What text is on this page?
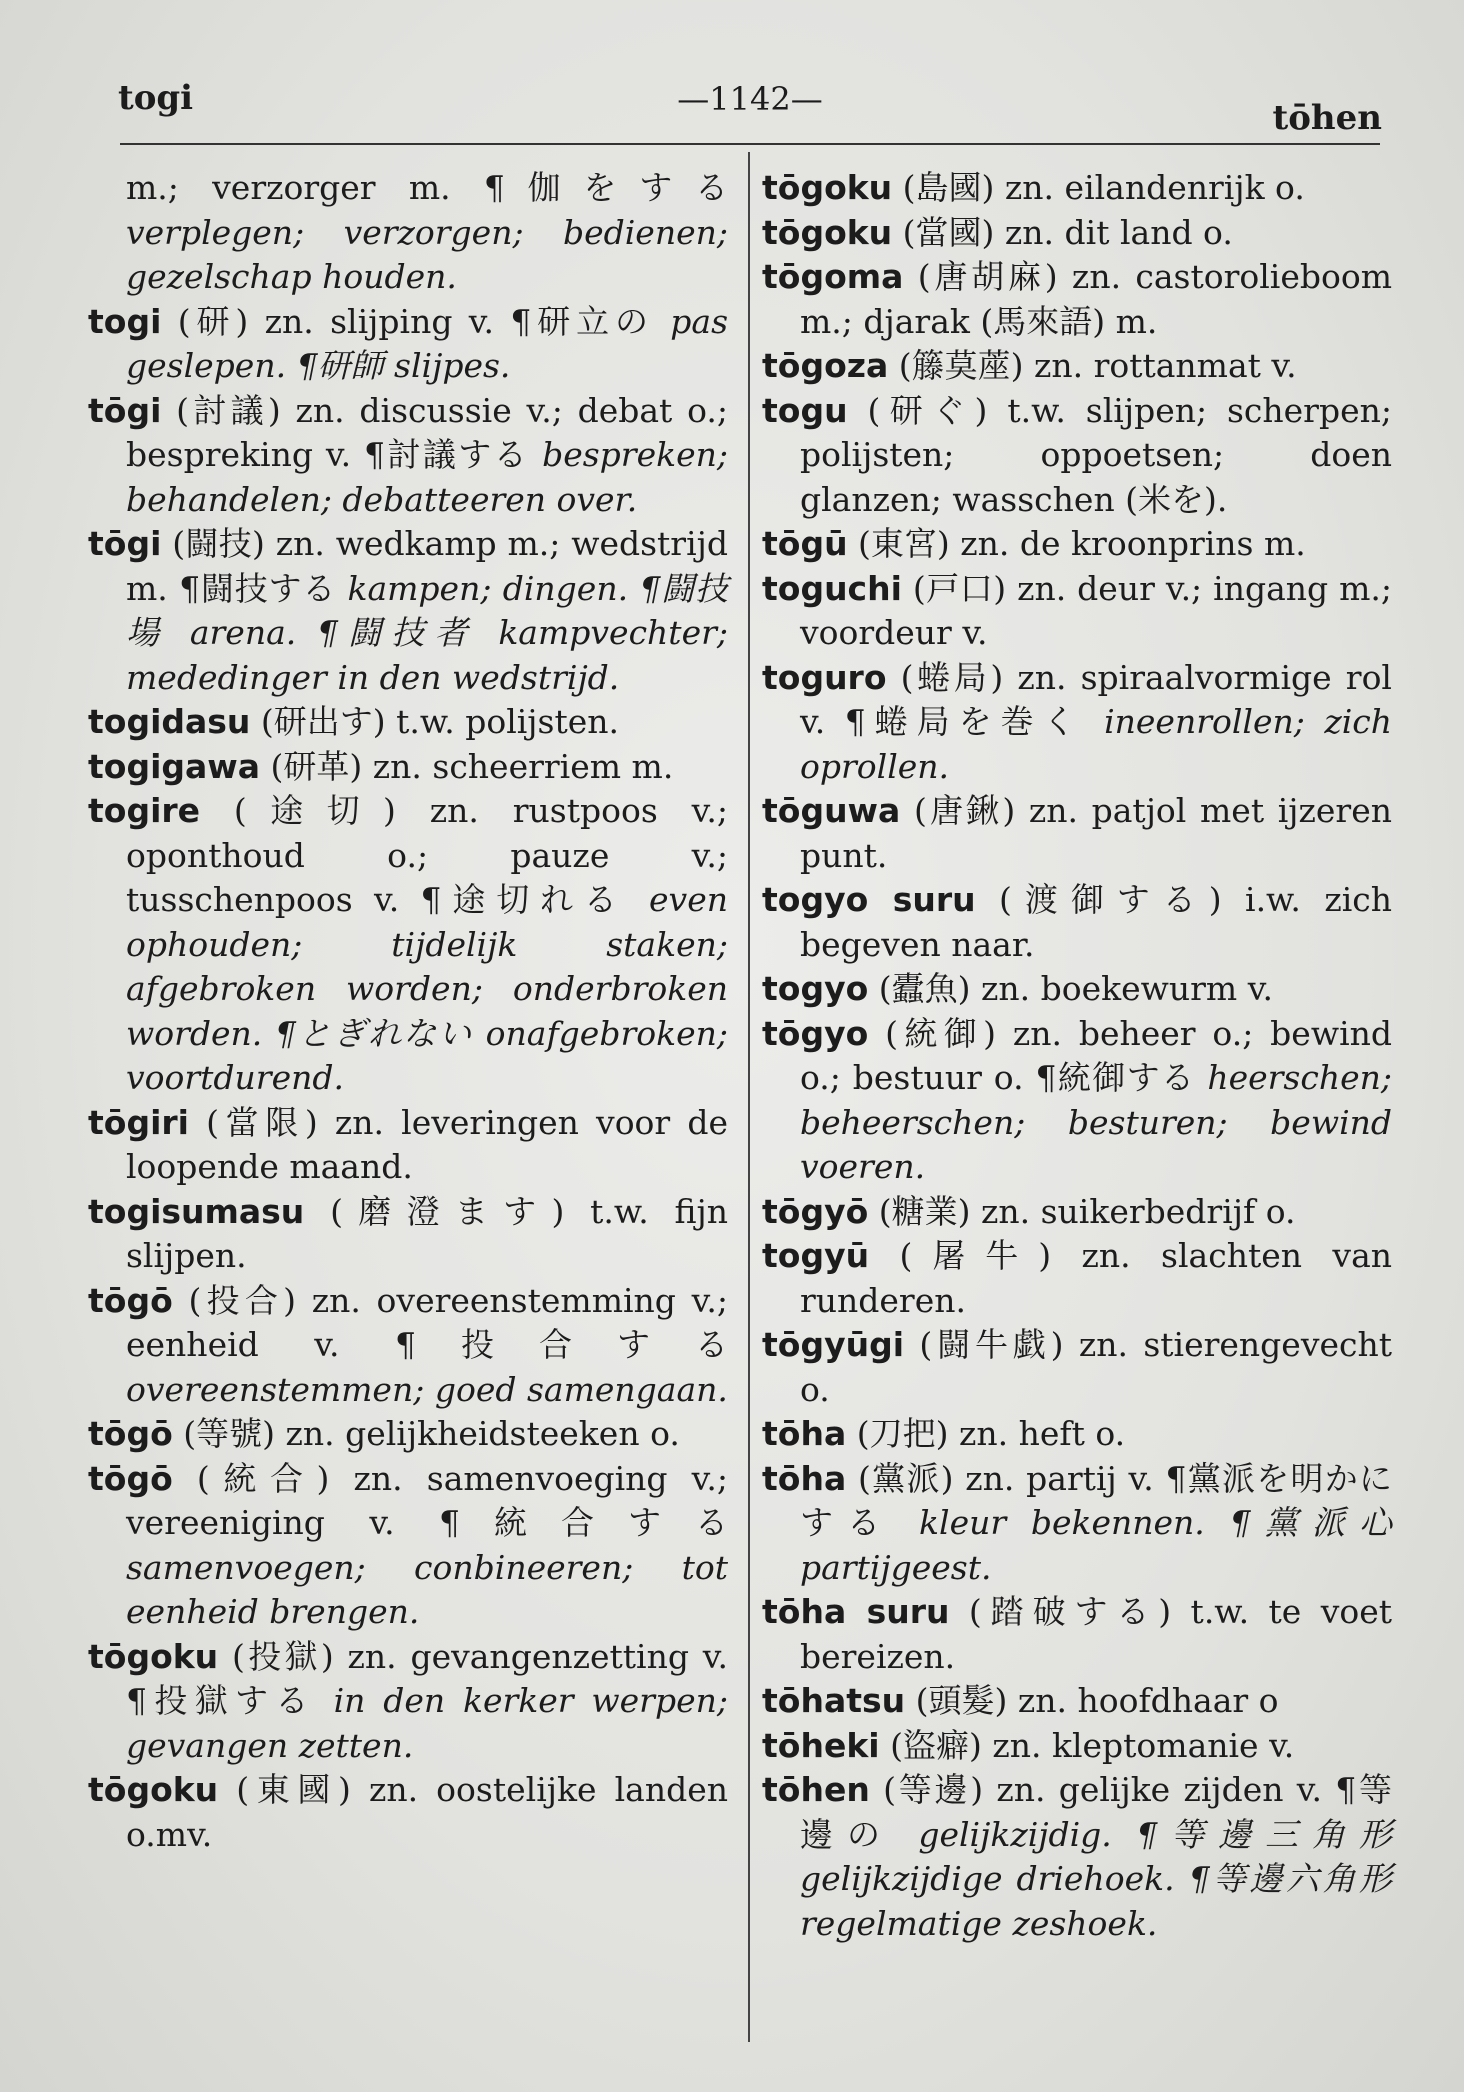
togi	—1142—	tōhen

m.; verzorger m. ¶伽をする verplegen; verzorgen; bedienen; gezelschap houden.

togi (研) zn. slijping v. ¶研立の pas geslepen. ¶研師 slijpes.

tōgi (討議) zn. discussie v.; debat o.; bespreking v. ¶討議する bespreken; behandelen; debatteeren over.

tōgi (闘技) zn. wedkamp m.; wedstrijd m. ¶闘技する kampen; dingen. ¶闘技場 arena. ¶闘技者 kampvechter; mededinger in den wedstrijd.

togidasu (研出す) t.w. polijsten.

togigawa (研革) zn. scheerriem m.

togire (途切) zn. rustpoos v.; oponthoud o.; pauze v.; tusschenpoos v. ¶途切れる even ophouden; tijdelijk staken; afgebroken worden; onderbroken worden. ¶とぎれない onafgebroken; voortdurend.

tōgiri (當限) zn. leveringen voor de loopende maand.

togisumasu (磨澄ます) t.w. fijn slijpen.

tōgō (投合) zn. overeenstemming v.; eenheid v. ¶投合する overeenstemmen; goed samengaan.

tōgō (等號) zn. gelijkheidsteeken o.

tōgō (統合) zn. samenvoeging v.; vereeniging v. ¶統合する samenvoegen; conbineeren; tot eenheid brengen.

tōgoku (投獄) zn. gevangenzetting v. ¶投獄する in den kerker werpen; gevangen zetten.

tōgoku (東國) zn. oostelijke landen o.mv.

tōgoku (島國) zn. eilandenrijk o.

tōgoku (當國) zn. dit land o.

tōgoma (唐胡麻) zn. castorolieboom m.; djarak (馬來語) m.

tōgoza (籐莫蓙) zn. rottanmat v.

togu (研ぐ) t.w. slijpen; scherpen; polijsten; oppoetsen; doen glanzen; wasschen (米を).

tōgū (東宮) zn. de kroonprins m.

toguchi (戸口) zn. deur v.; ingang m.; voordeur v.

toguro (蜷局) zn. spiraalvormige rol v. ¶蜷局を巻く ineenrollen; zich oprollen.

tōguwa (唐鍬) zn. patjol met ijzeren punt.

togyo suru (渡御する) i.w. zich begeven naar.

togyo (蠹魚) zn. boekewurm v.

tōgyo (統御) zn. beheer o.; bewind o.; bestuur o. ¶統御する heerschen; beheerschen; besturen; bewind voeren.

tōgyō (糖業) zn. suikerbedrijf o.

togyū (屠牛) zn. slachten van runderen.

tōgyūgi (闘牛戯) zn. stierengevecht o.

tōha (刀把) zn. heft o.

tōha (黨派) zn. partij v. ¶黨派を明かにする kleur bekennen. ¶黨派心 partijgeest.

tōha suru (踏破する) t.w. te voet bereizen.

tōhatsu (頭髮) zn. hoofdhaar o

tōheki (盜癖) zn. kleptomanie v.

tōhen (等邊) zn. gelijke zijden v. ¶等邊の gelijkzijdig. ¶等邊三角形 gelijkzijdige driehoek. ¶等邊六角形 regelmatige zeshoek.
